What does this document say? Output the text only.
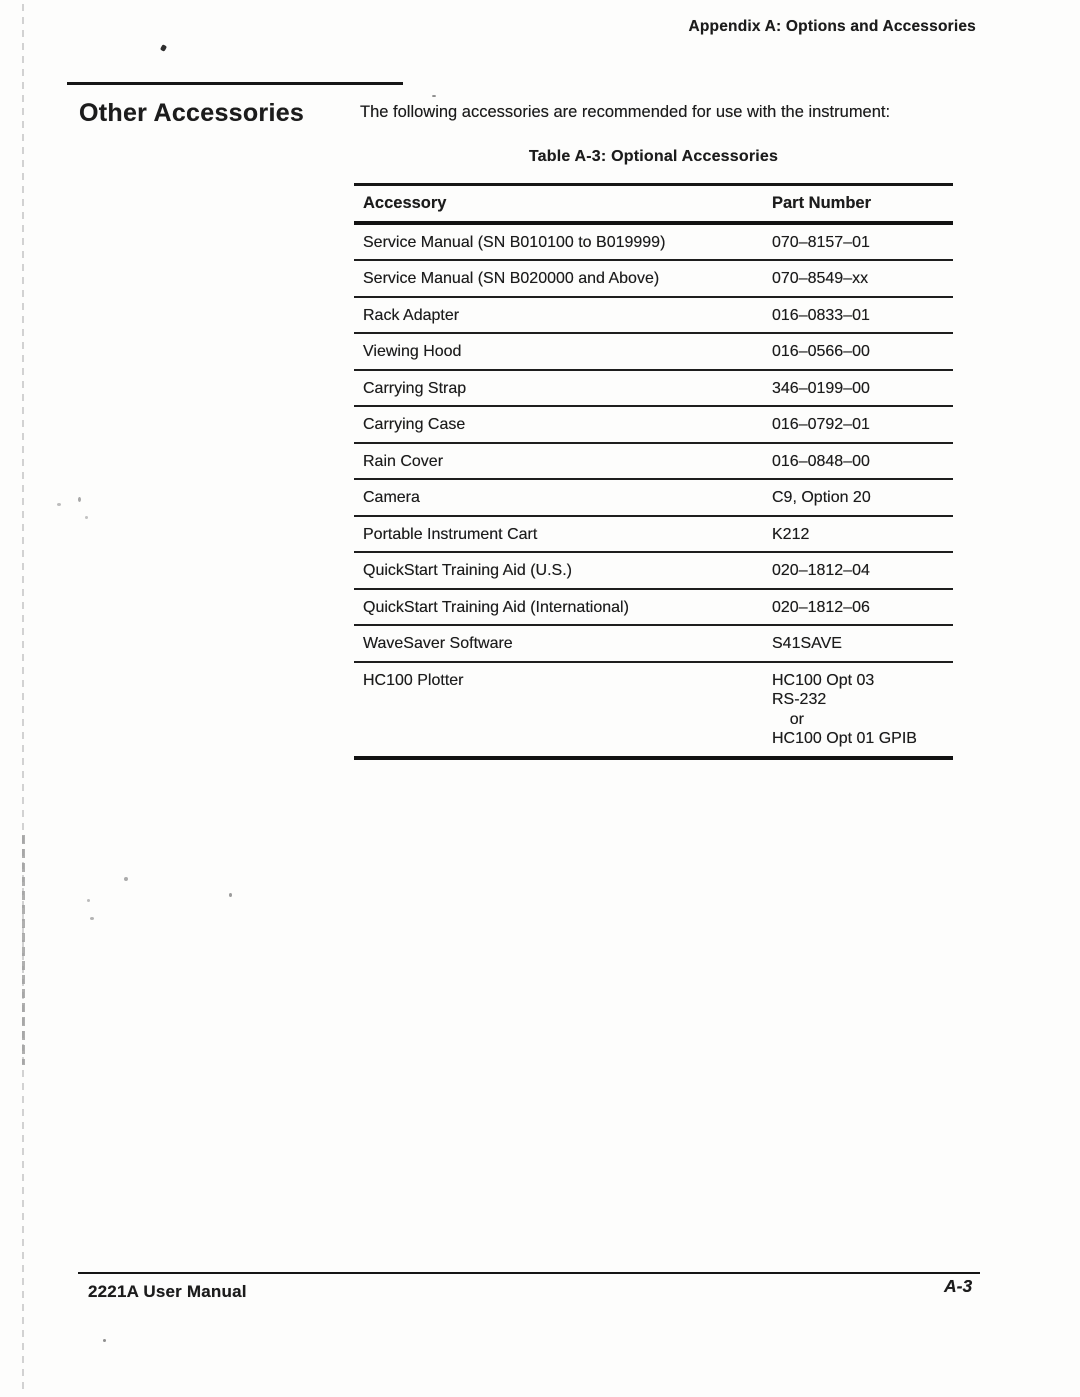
Appendix A: Options and Accessories
Other Accessories	The following accessories are recommended for use with the instrument:

Table A-3: Optional Accessories
Accessory	Part Number
Service Manual (SN B010100 to B019999)	070–8157–01
Service Manual (SN B020000 and Above)	070–8549–xx
Rack Adapter	016–0833–01
Viewing Hood	016–0566–00
Carrying Strap	346–0199–00
Carrying Case	016–0792–01
Rain Cover	016–0848–00
Camera	C9, Option 20
Portable Instrument Cart	K212
QuickStart Training Aid (U.S.)	020–1812–04
QuickStart Training Aid (International)	020–1812–06
WaveSaver Software	S41SAVE
HC100 Plotter	HC100 Opt 03
RS-232
or
HC100 Opt 01 GPIB
2221A User Manual	A-3
